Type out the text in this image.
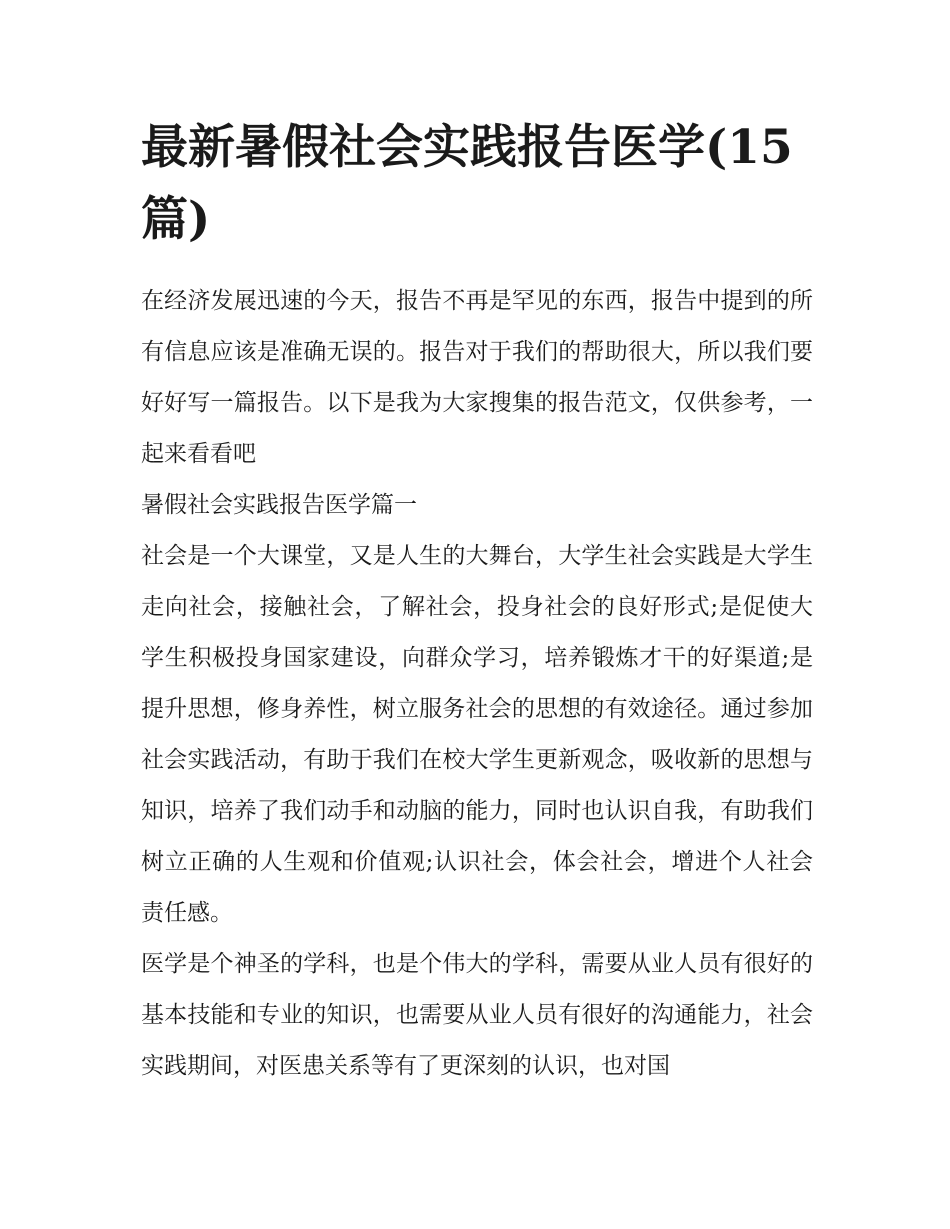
最新暑假社会实践报告医学(15篇)

在经济发展迅速的今天，报告不再是罕见的东西，报告中提到的所有信息应该是准确无误的。报告对于我们的帮助很大，所以我们要好好写一篇报告。以下是我为大家搜集的报告范文，仅供参考，一起来看看吧

暑假社会实践报告医学篇一

社会是一个大课堂，又是人生的大舞台，大学生社会实践是大学生走向社会，接触社会，了解社会，投身社会的良好形式;是促使大学生积极投身国家建设，向群众学习，培养锻炼才干的好渠道;是提升思想，修身养性，树立服务社会的思想的有效途径。通过参加社会实践活动，有助于我们在校大学生更新观念，吸收新的思想与知识，培养了我们动手和动脑的能力，同时也认识自我，有助我们树立正确的人生观和价值观;认识社会，体会社会，增进个人社会责任感。

医学是个神圣的学科，也是个伟大的学科，需要从业人员有很好的基本技能和专业的知识，也需要从业人员有很好的沟通能力，社会实践期间，对医患关系等有了更深刻的认识，也对国
